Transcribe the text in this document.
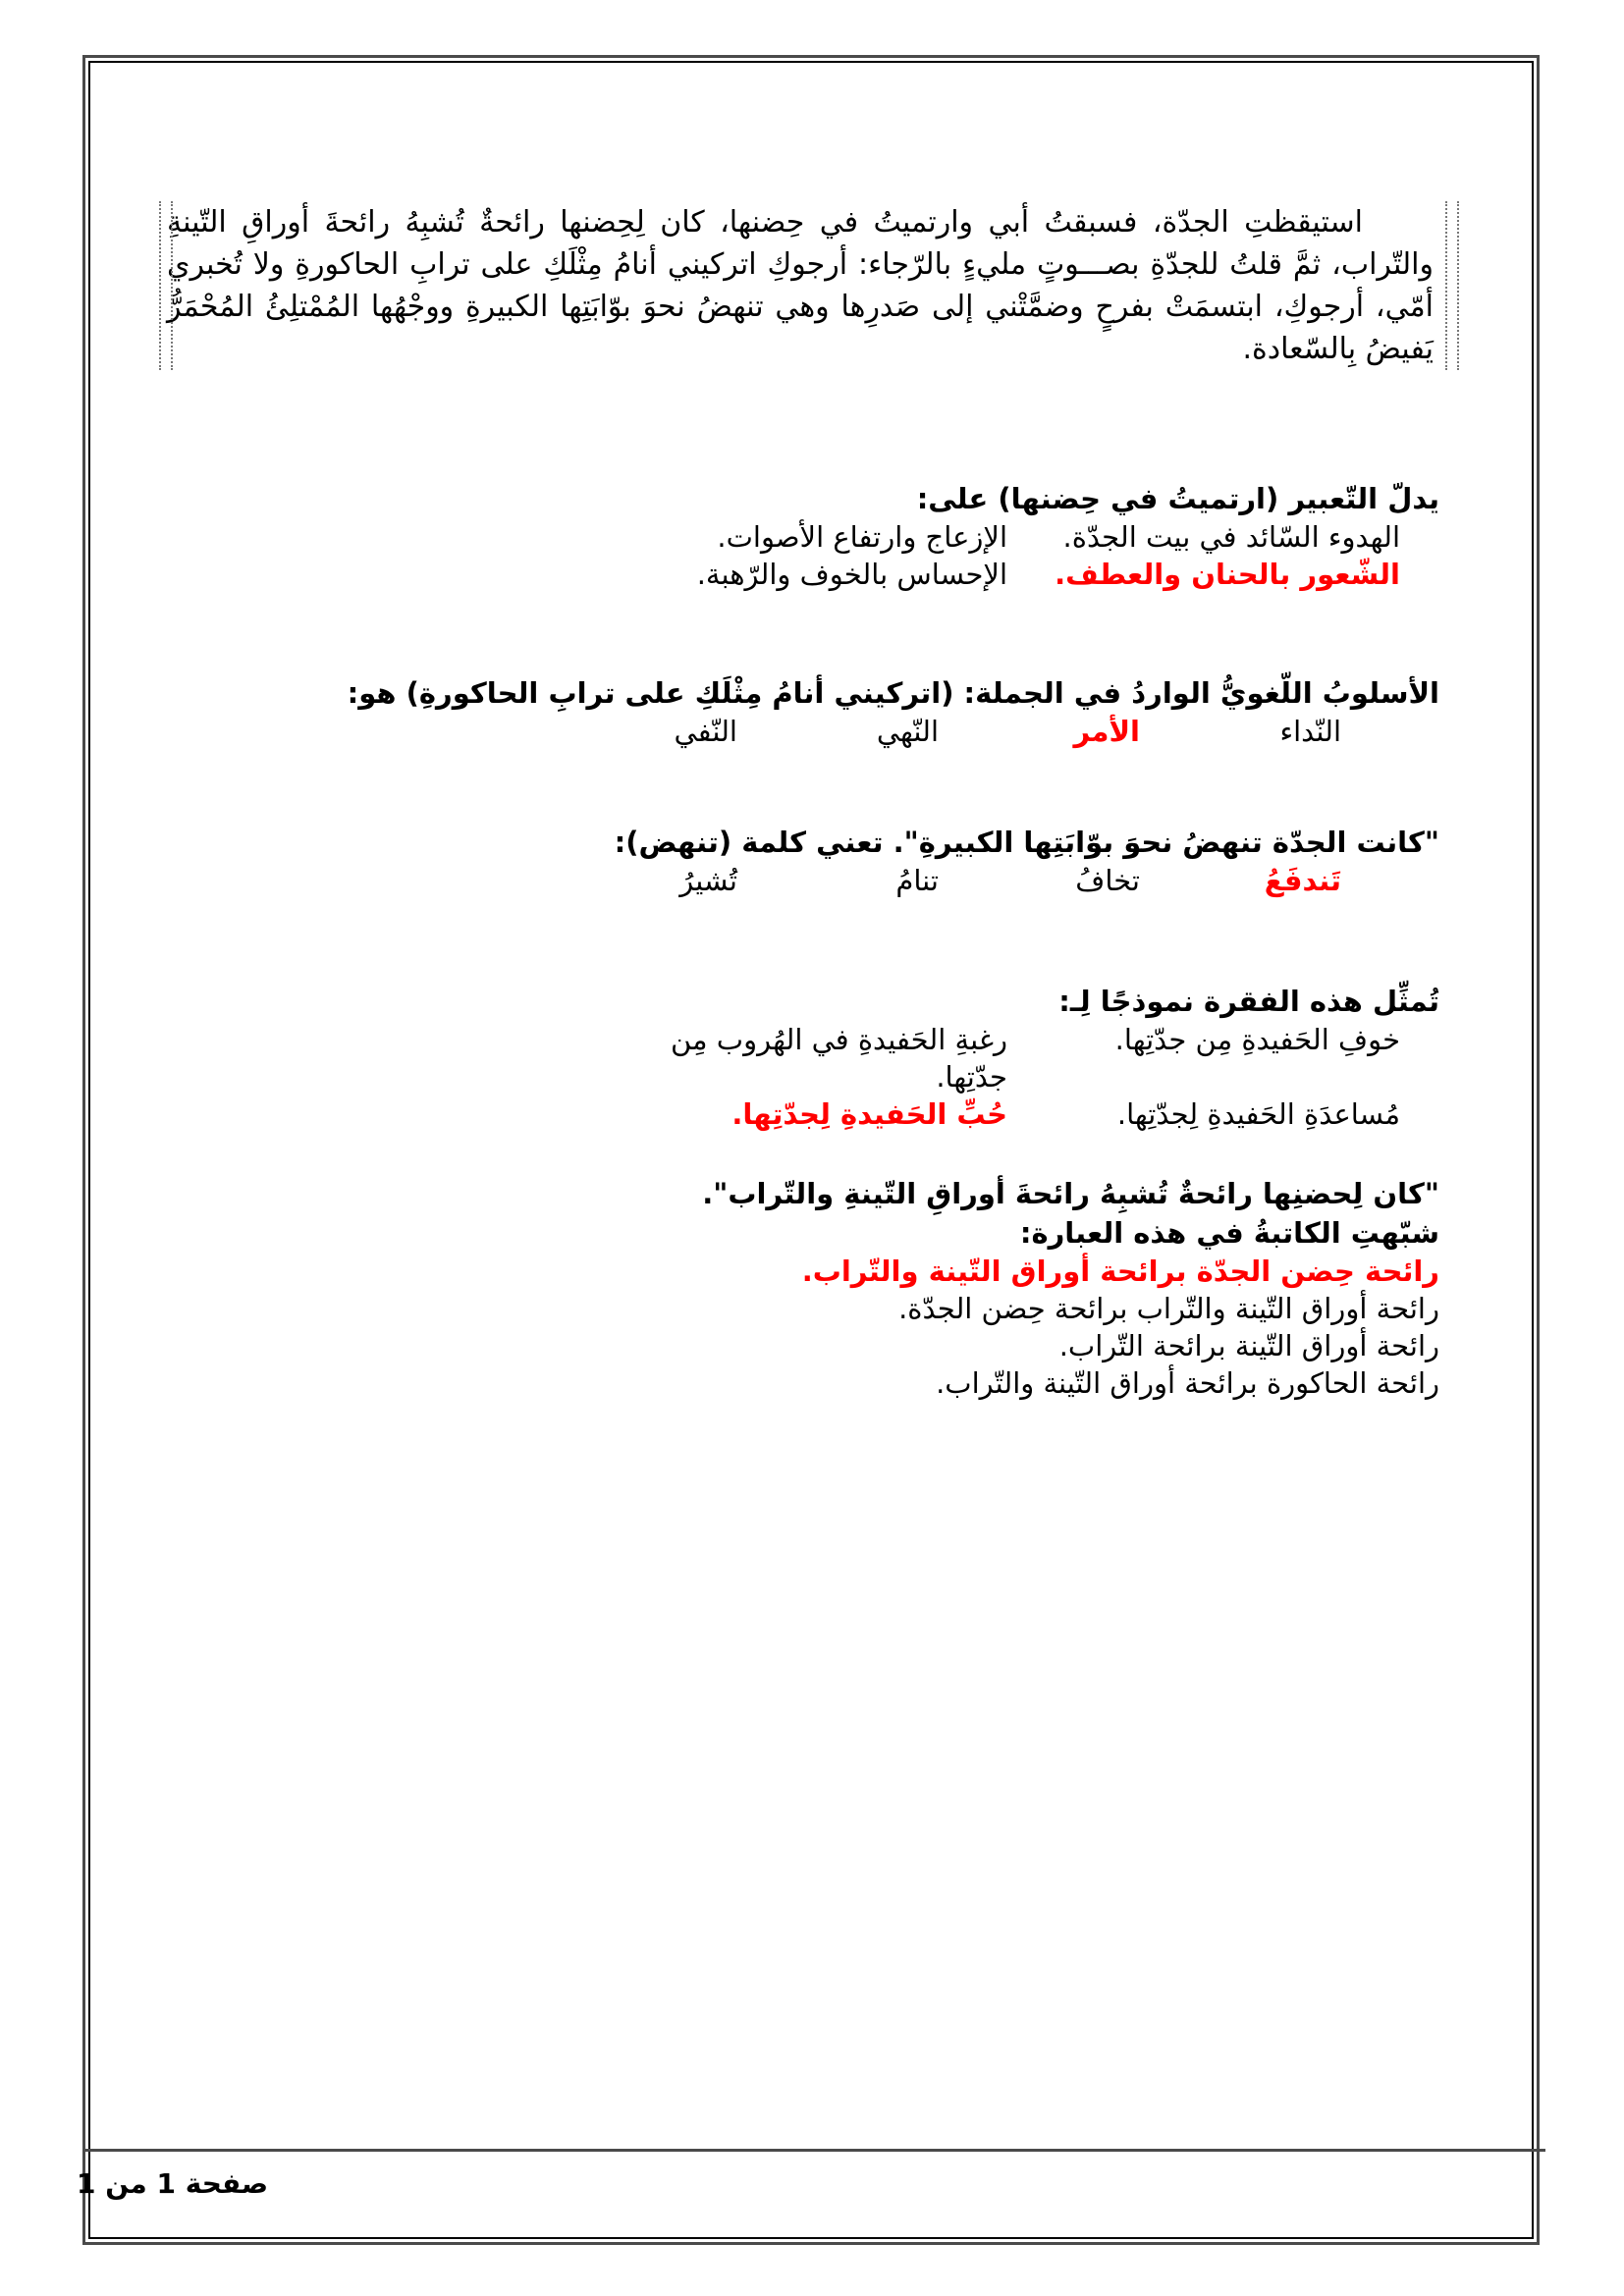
استيقظتِ الجدّة، فسبقتُ أبي وارتميتُ في حِضنها، كان لِحِضنها رائحةٌ تُشبِهُ رائحةَ أوراقِ التّينةِ والتّراب، ثمَّ قلتُ للجدّةِ بصـــوتٍ مليءٍ بالرّجاء: أرجوكِ اتركيني أنامُ مِثْلَكِ على ترابِ الحاكورةِ ولا تُخبري أمّي، أرجوكِ، ابتسمَتْ بفرحٍ وضمَّتْني إلى صَدرِها وهي تنهضُ نحوَ بوّابَتِها الكبيرةِ ووجْهُها المُمْتلِئُ المُحْمَرُّ يَفيضُ بِالسّعادة.

يدلّ التّعبير (ارتميتُ في حِضنها) على:
الهدوء السّائد في بيت الجدّة.
الإزعاج وارتفاع الأصوات.
الشّعور بالحنان والعطف.
الإحساس بالخوف والرّهبة.
الأسلوبُ اللّغويُّ الواردُ في الجملة: (اتركيني أنامُ مِثْلَكِ على ترابِ الحاكورةِ) هو:
النّداء
الأمر
النّهي
النّفي
"كانت الجدّة تنهضُ نحوَ بوّابَتِها الكبيرةِ". تعني كلمة (تنهض):
تَندفَعُ
تخافُ
تنامُ
تُشيرُ
تُمثِّل هذه الفقرة نموذجًا لِـ:
خوفِ الحَفيدةِ مِن جدّتِها.
رغبةِ الحَفيدةِ في الهُروب مِن جدّتِها.
مُساعدَةِ الحَفيدةِ لِجدّتِها.
حُبِّ الحَفيدةِ لِجدّتِها.
"كان لِحضنِها رائحةٌ تُشبِهُ رائحةَ أوراقِ التّينةِ والتّراب".
شبّهتِ الكاتبةُ في هذه العبارة:
رائحة حِضن الجدّة برائحة أوراق التّينة والتّراب.
رائحة أوراق التّينة والتّراب برائحة حِضن الجدّة.
رائحة أوراق التّينة برائحة التّراب.
رائحة الحاكورة برائحة أوراق التّينة والتّراب.
صفحة 1 من 1
